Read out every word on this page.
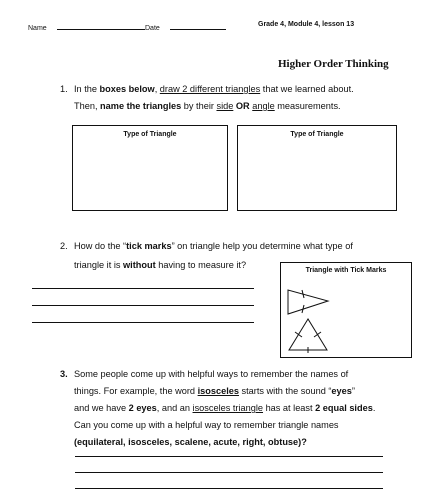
Name	Date
Grade 4, Module 4, lesson 13
Higher Order Thinking
1. In the boxes below, draw 2 different triangles that we learned about.
Then, name the triangles by their side OR angle measurements.
Type of Triangle	Type of Triangle
2. How do the “tick marks” on triangle help you determine what type of
triangle it is without having to measure it?
Triangle with Tick Marks
3. Some people come up with helpful ways to remember the names of
things. For example, the word isosceles starts with the sound “eyes”
and we have 2 eyes, and an isosceles triangle has at least 2 equal sides.
Can you come up with a helpful way to remember triangle names
(equilateral, isosceles, scalene, acute, right, obtuse)?
